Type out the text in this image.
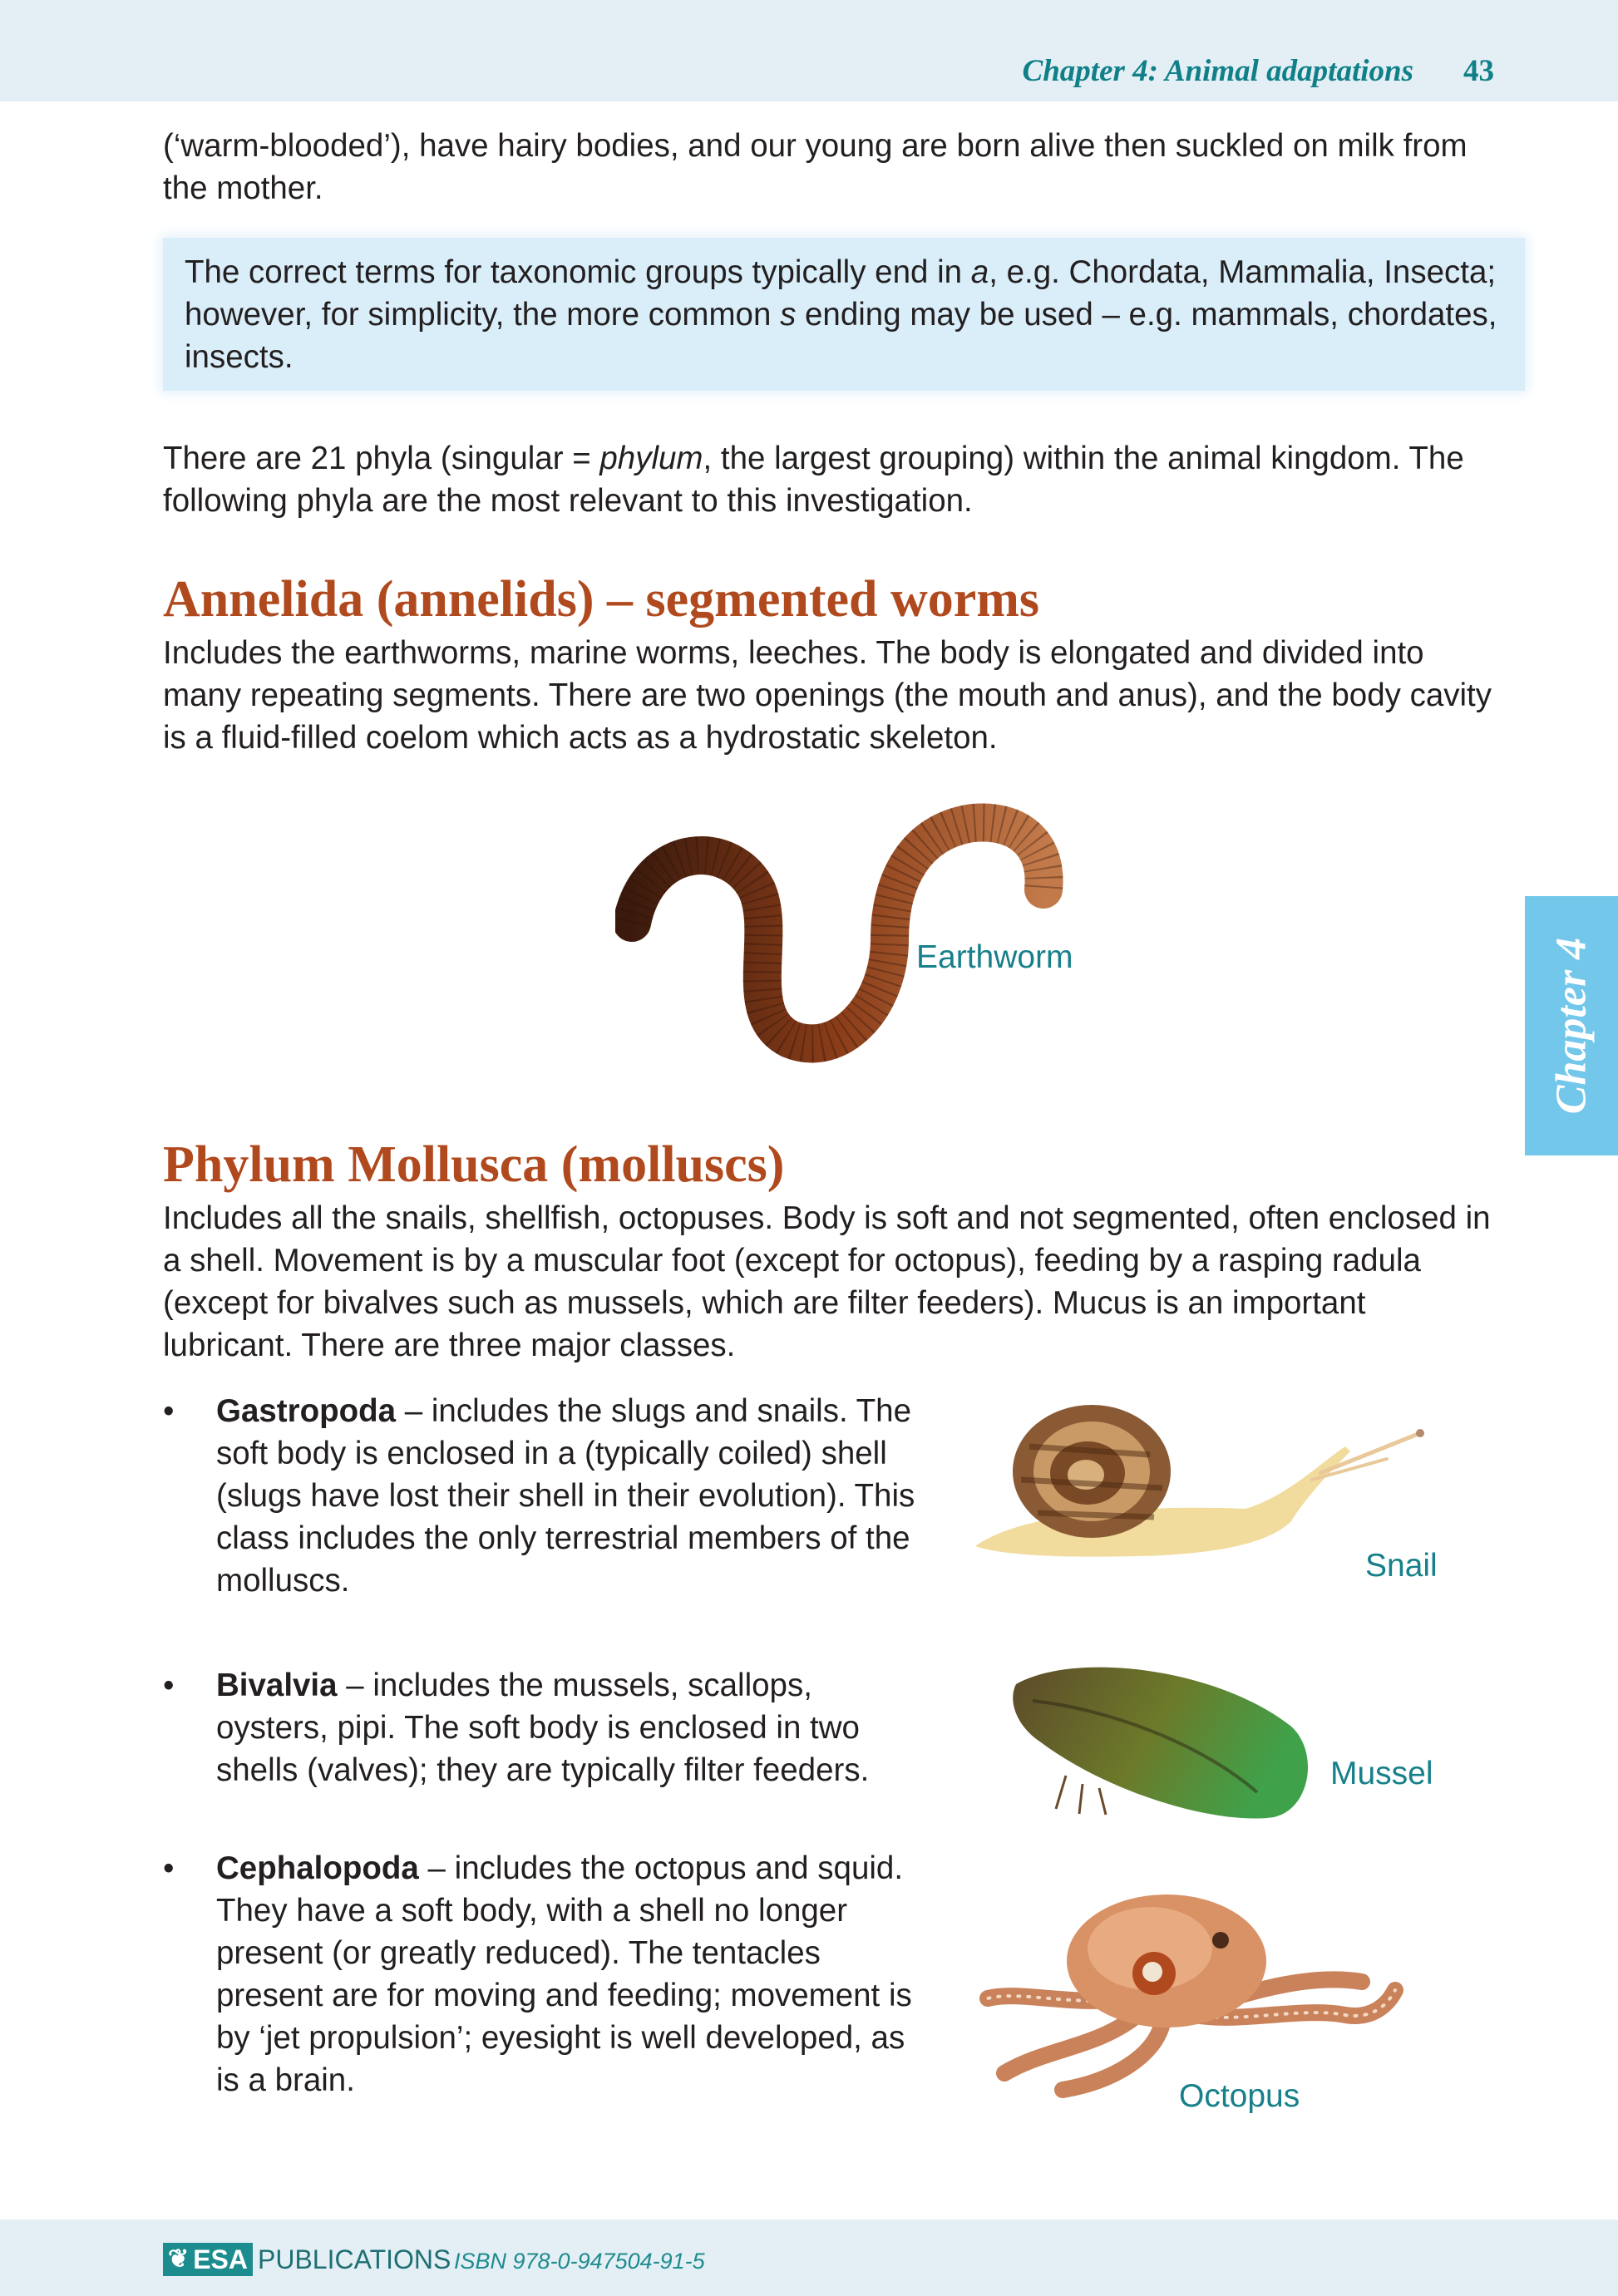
Chapter 4: Animal adaptations 43

(‘warm-blooded’), have hairy bodies, and our young are born alive then suckled on milk from the mother.

The correct terms for taxonomic groups typically end in a, e.g. Chordata, Mammalia, Insecta; however, for simplicity, the more common s ending may be used – e.g. mammals, chordates, insects.

There are 21 phyla (singular = phylum, the largest grouping) within the animal kingdom. The following phyla are the most relevant to this investigation.

Annelida (annelids) – segmented worms

Includes the earthworms, marine worms, leeches. The body is elongated and divided into many repeating segments. There are two openings (the mouth and anus), and the body cavity is a fluid-filled coelom which acts as a hydrostatic skeleton.

Earthworm	Chapter 4
Phylum Mollusca (molluscs)

Includes all the snails, shellfish, octopuses. Body is soft and not segmented, often enclosed in a shell. Movement is by a muscular foot (except for octopus), feeding by a rasping radula (except for bivalves such as mussels, which are filter feeders). Mucus is an important lubricant. There are three major classes.

• Gastropoda – includes the slugs and snails. The soft body is enclosed in a (typically coiled) shell (slugs have lost their shell in their evolution). This class includes the only terrestrial members of the molluscs.	Snail
• Bivalvia – includes the mussels, scallops, oysters, pipi. The soft body is enclosed in two shells (valves); they are typically filter feeders.	Mussel
• Cephalopoda – includes the octopus and squid. They have a soft body, with a shell no longer present (or greatly reduced). The tentacles present are for moving and feeding; movement is by ‘jet propulsion’; eyesight is well developed, as is a brain.	Octopus
❦ ESA PUBLICATIONS ISBN 978-0-947504-91-5
